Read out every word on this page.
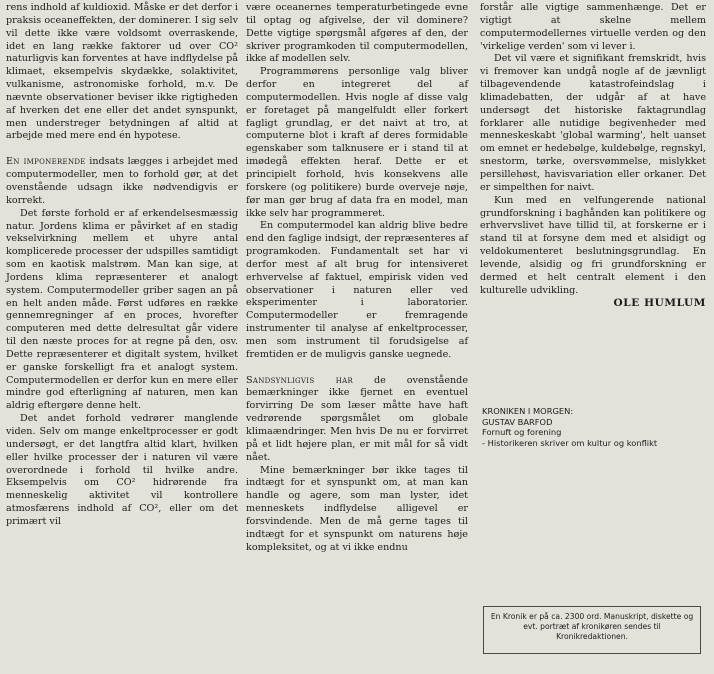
rens indhold af kuldioxid. Måske er det derfor i praksis oceaneffekten, der dominerer. I sig selv vil dette ikke være voldsomt overraskende, idet en lang række faktorer ud over CO² naturligvis kan forventes at have indflydelse på klimaet, eksempelvis skydække, solaktivitet, vulkanisme, astronomiske forhold, m.v. De nævnte observationer beviser ikke rigtigheden af hverken det ene eller det andet synspunkt, men understreger betydningen af altid at arbejde med mere end én hypotese.

En imponerende indsats lægges i arbejdet med computermodeller, men to forhold gør, at det ovenstående udsagn ikke nødvendigvis er korrekt.

Det første forhold er af erkendelsesmæssig natur. Jordens klima er påvirket af en stadig vekselvirkning mellem et uhyre antal komplicerede processer der udspilles samtidigt som en kaotisk malstrøm. Man kan sige, at Jordens klima repræsenterer et analogt system. Computermodeller griber sagen an på en helt anden måde. Først udføres en række gennemregninger af en proces, hvorefter computeren med dette delresultat går videre til den næste proces for at regne på den, osv. Dette repræsenterer et digitalt system, hvilket er ganske forskelligt fra et analogt system. Computermodellen er derfor kun en mere eller mindre god efterligning af naturen, men kan aldrig eftergøre denne helt.

Det andet forhold vedrører manglende viden. Selv om mange enkeltprocesser er godt undersøgt, er det langtfra altid klart, hvilken eller hvilke processer der i naturen vil være overordnede i forhold til hvilke andre. Eksempelvis om CO² hidrørende fra menneskelig aktivitet vil kontrollere atmosfærens indhold af CO², eller om det primært vil

være oceanernes temperaturbetingede evne til optag og afgivelse, der vil dominere? Dette vigtige spørgsmål afgøres af den, der skriver programkoden til computermodellen, ikke af modellen selv.

Programmørens personlige valg bliver derfor en integreret del af computermodellen. Hvis nogle af disse valg er foretaget på mangelfuldt eller forkert fagligt grundlag, er det naivt at tro, at computerne blot i kraft af deres formidable egenskaber som talknusere er i stand til at imødegå effekten heraf. Dette er et principielt forhold, hvis konsekvens alle forskere (og politikere) burde overveje nøje, før man gør brug af data fra en model, man ikke selv har programmeret.

En computermodel kan aldrig blive bedre end den faglige indsigt, der repræsenteres af programkoden. Fundamentalt set har vi derfor mest af alt brug for intensiveret erhvervelse af faktuel, empirisk viden ved observationer i naturen eller ved eksperimenter i laboratorier. Computermodeller er fremragende instrumenter til analyse af enkeltprocesser, men som instrument til forudsigelse af fremtiden er de muligvis ganske uegnede.

Sandsynligvis har de ovenstående bemærkninger ikke fjernet en eventuel forvirring De som læser måtte have haft vedrørende spørgsmålet om globale klimaændringer. Men hvis De nu er forvirret på et lidt højere plan, er mit mål for så vidt nået.

Mine bemærkninger bør ikke tages til indtægt for et synspunkt om, at man kan handle og agere, som man lyster, idet menneskets indflydelse alligevel er forsvindende. Men de må gerne tages til indtægt for et synspunkt om naturens høje kompleksitet, og at vi ikke endnu

forstår alle vigtige sammenhænge. Det er vigtigt at skelne mellem computermodellernes virtuelle verden og den 'virkelige verden' som vi lever i.

Det vil være et signifikant fremskridt, hvis vi fremover kan undgå nogle af de jævnligt tilbagevendende katastrofeindslag i klimadebatten, der udgår af at have undersøgt det historiske faktagrundlag forklarer alle nutidige begivenheder med menneskeskabt 'global warming', helt uanset om emnet er hedebølge, kuldebølge, regnskyl, snestorm, tørke, oversvømmelse, mislykket persillehøst, havisvariation eller orkaner. Det er simpelthen for naivt.

Kun med en velfungerende national grundforskning i baghånden kan politikere og erhvervslivet have tillid til, at forskerne er i stand til at forsyne dem med et alsidigt og veldokumenteret beslutningsgrundlag. En levende, alsidig og fri grundforskning er dermed et helt centralt element i den kulturelle udvikling.

OLE HUMLUM

KRONIKEN I MORGEN:
GUSTAV BARFOD
Fornuft og forening
- Historikeren skriver om kultur og konflikt
En Kronik er på ca. 2300 ord. Manuskript, diskette og evt. portræt af kronikøren sendes til Kronikredaktionen.
